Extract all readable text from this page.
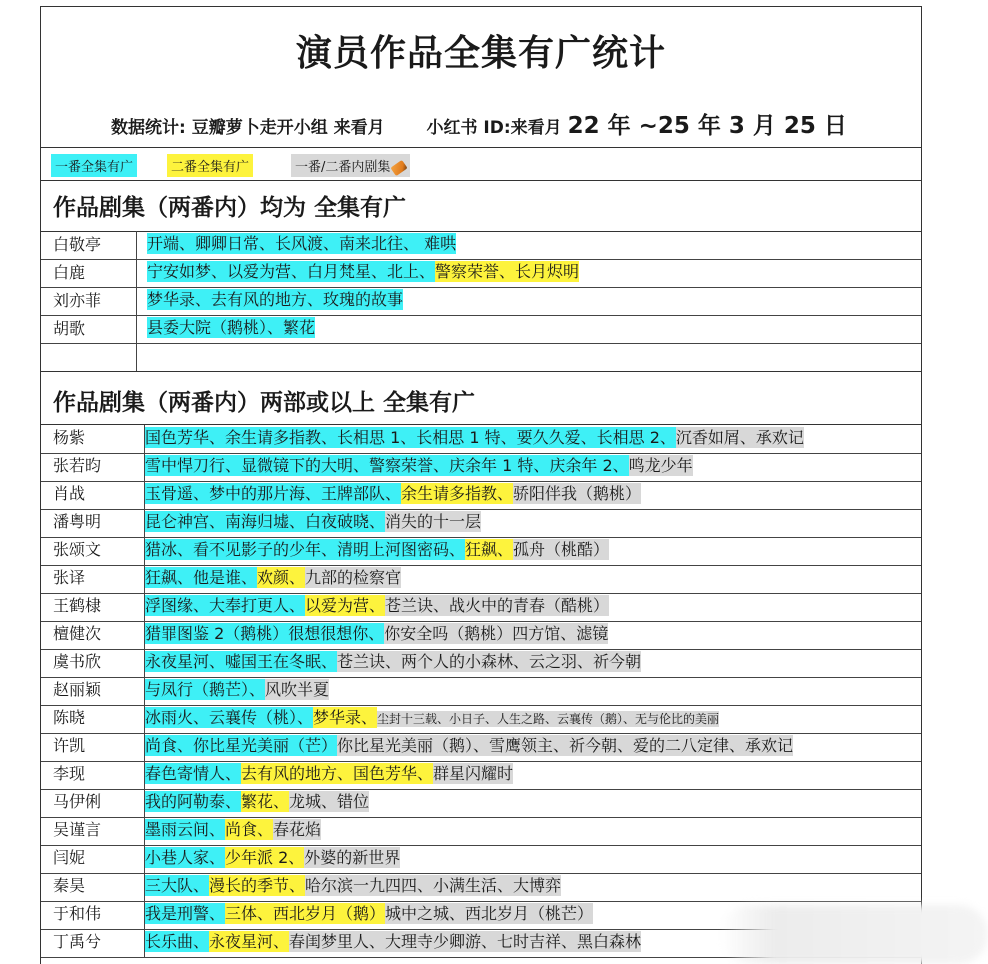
演员作品全集有广统计
数据统计: 豆瓣萝卜走开小组 来看月 小红书 ID:来看月 22 年 ~25 年 3 月 25 日
一番全集有广	二番全集有广	一番/二番内剧集
作品剧集（两番内）均为 全集有广
白敬亭	开端、卿卿日常、长风渡、南来北往、 难哄
白鹿	宁安如梦、以爱为营、白月梵星、北上、警察荣誉、长月烬明
刘亦菲	梦华录、去有风的地方、玫瑰的故事
胡歌	县委大院（鹅桃）、繁花
作品剧集（两番内）两部或以上 全集有广
杨紫	国色芳华、余生请多指教、长相思 1、长相思 1 特、要久久爱、长相思 2、沉香如屑、承欢记
张若昀	雪中悍刀行、显微镜下的大明、警察荣誉、庆余年 1 特、庆余年 2、鸣龙少年
肖战	玉骨遥、梦中的那片海、王牌部队、余生请多指教、骄阳伴我（鹅桃）
潘粤明	昆仑神宫、南海归墟、白夜破晓、消失的十一层
张颂文	猎冰、看不见影子的少年、清明上河图密码、狂飙、孤舟（桃酷）
张译	狂飙、他是谁、欢颜、九部的检察官
王鹤棣	浮图缘、大奉打更人、以爱为营、苍兰诀、战火中的青春（酷桃）
檀健次	猎罪图鉴 2（鹅桃）很想很想你、你安全吗（鹅桃）四方馆、滤镜
虞书欣	永夜星河、嘘国王在冬眠、苍兰诀、两个人的小森林、云之羽、祈今朝
赵丽颖	与凤行（鹅芒）、风吹半夏
陈晓	冰雨火、云襄传（桃）、梦华录、尘封十三载、小日子、人生之路、云襄传（鹅）、无与伦比的美丽
许凯	尚食、你比星光美丽（芒）你比星光美丽（鹅）、雪鹰领主、祈今朝、爱的二八定律、承欢记
李现	春色寄情人、去有风的地方、国色芳华、群星闪耀时
马伊俐	我的阿勒泰、繁花、龙城、错位
吴谨言	墨雨云间、尚食、春花焰
闫妮	小巷人家、少年派 2、外婆的新世界
秦昊	三大队、漫长的季节、哈尔滨一九四四、小满生活、大博弈
于和伟	我是刑警、三体、西北岁月（鹅）城中之城、西北岁月（桃芒）
丁禹兮	长乐曲、永夜星河、春闺梦里人、大理寺少卿游、七时吉祥、黑白森林
